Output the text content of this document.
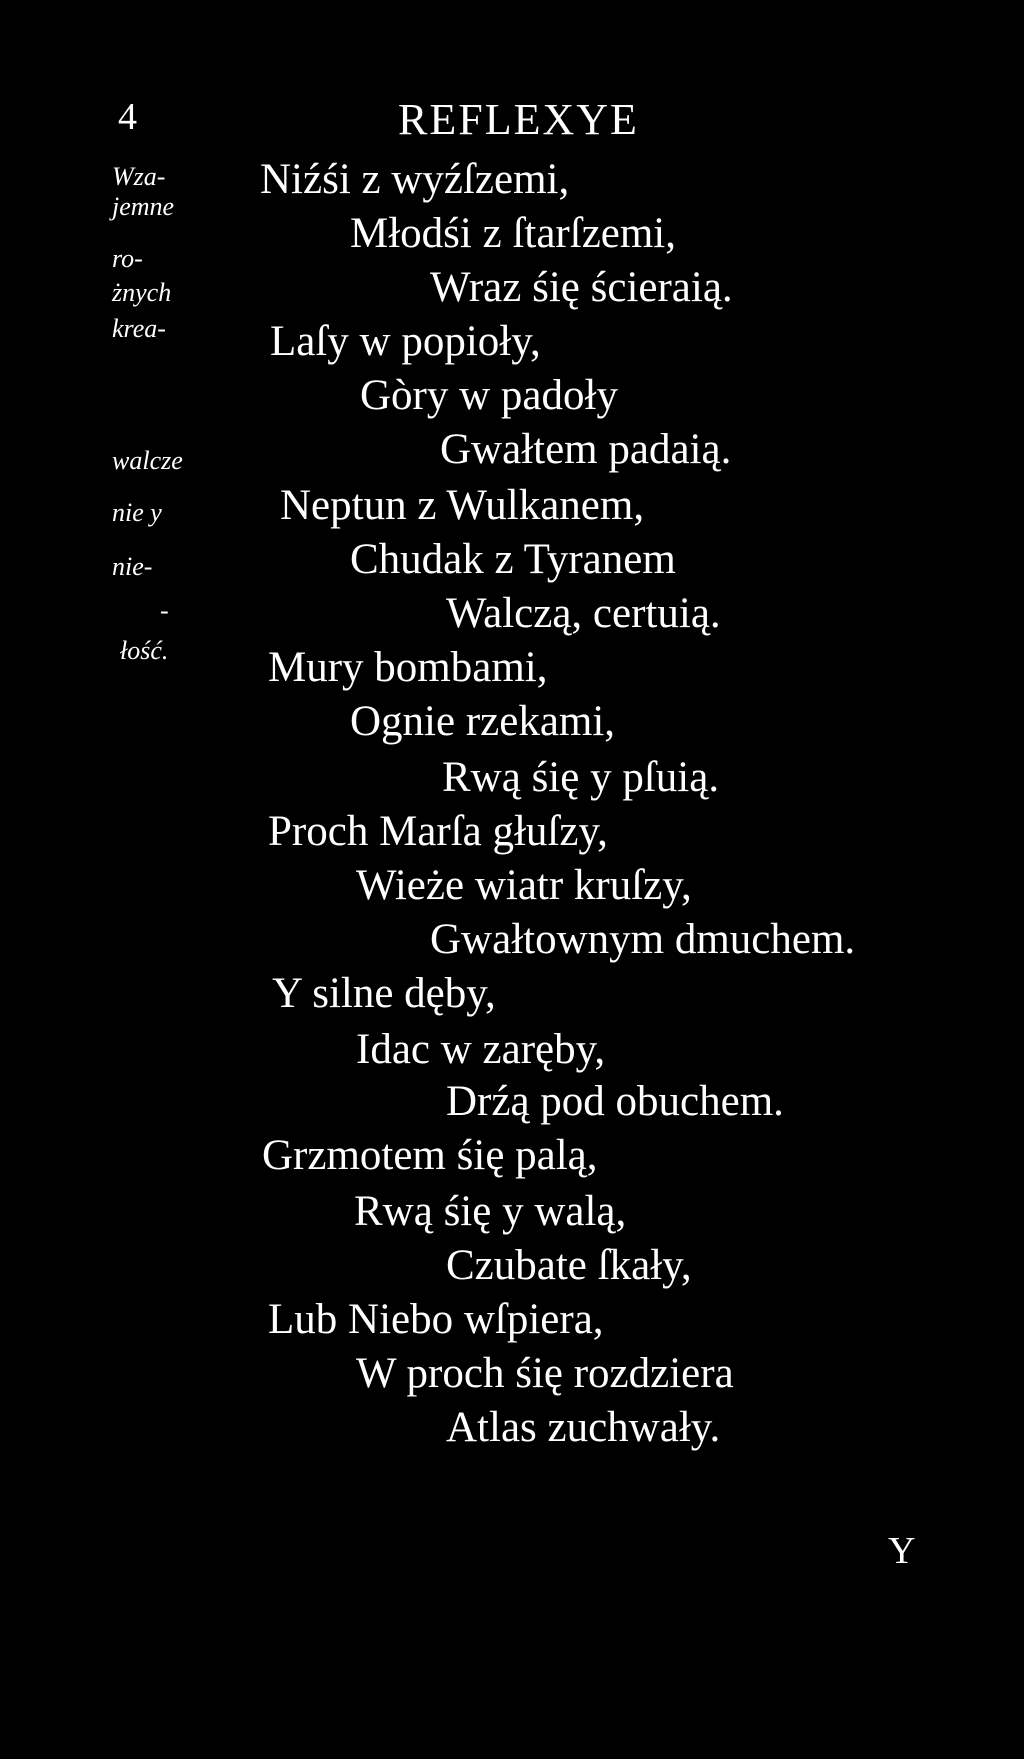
4	REFLEXYE
Wza-
jemne
ro-
żnych
krea-
walcze
nie y
nie-
-
łość.
Niźśi z wyźſzemi,
Młodśi z ſtarſzemi,
Wraz śię ścieraią.
Laſy w popioły,
Gòry w padoły
Gwałtem padaią.
Neptun z Wulkanem,
Chudak z Tyranem
Walczą, certuią.
Mury bombami,
Ognie rzekami,
Rwą śię y pſuią.
Proch Marſa głuſzy,
Wieże wiatr kruſzy,
Gwałtownym dmuchem.
Y silne dęby,
Idac w zaręby,
Drźą pod obuchem.
Grzmotem śię palą,
Rwą śię y walą,
Czubate ſkały,
Lub Niebo wſpiera,
W proch śię rozdziera
Atlas zuchwały.
Y
